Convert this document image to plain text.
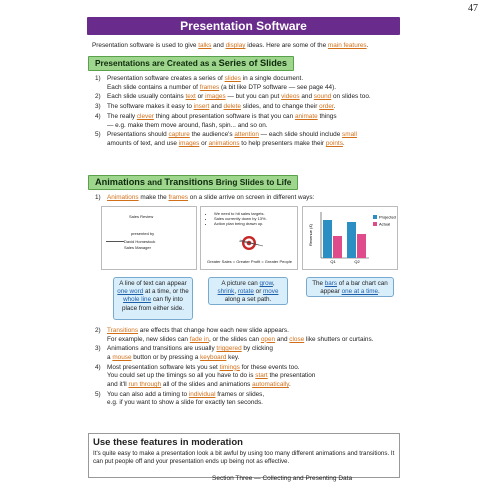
47
Presentation Software
Presentation software is used to give talks and display ideas. Here are some of the main features.
Presentations are Created as a Series of Slides
1) Presentation software creates a series of slides in a single document.
Each slide contains a number of frames (a bit like DTP software — see page 44).
2) Each slide usually contains text or images — but you can put videos and sound on slides too.
3) The software makes it easy to insert and delete slides, and to change their order.
4) The really clever thing about presentation software is that you can animate things
— e.g. make them move around, flash, spin... and so on.
5) Presentations should capture the audience's attention — each slide should include small
amounts of text, and use images or animations to help presenters make their points.
Animations and Transitions Bring Slides to Life
1) Animations make the frames on a slide arrive on screen in different ways:
Sales Review
presented by
David Homestock
Sales Manager
• We need to hit sales targets.
• Sales currently down by 13%.
• Action plan being drawn up.
Greater Sales = Greater Profit = Greater People
Revenue (£)
Q1	Q2
Projected
Actual
A line of text can appear one word at a time, or the whole line can fly into place from either side.
A picture can grow, shrink, rotate or move along a set path.
The bars of a bar chart can appear one at a time.
2) Transitions are effects that change how each new slide appears.
For example, new slides can fade in, or the slides can open and close like shutters or curtains.
3) Animations and transitions are usually triggered by clicking
a mouse button or by pressing a keyboard key.
4) Most presentation software lets you set timings for these events too.
You could set up the timings so all you have to do is start the presentation
and it'll run through all of the slides and animations automatically.
5) You can also add a timing to individual frames or slides,
e.g. if you want to show a slide for exactly ten seconds.
Use these features in moderation
It's quite easy to make a presentation look a bit awful by using too many different animations and transitions. It can put people off and your presentation ends up being not as effective.
Section Three — Collecting and Presenting Data
